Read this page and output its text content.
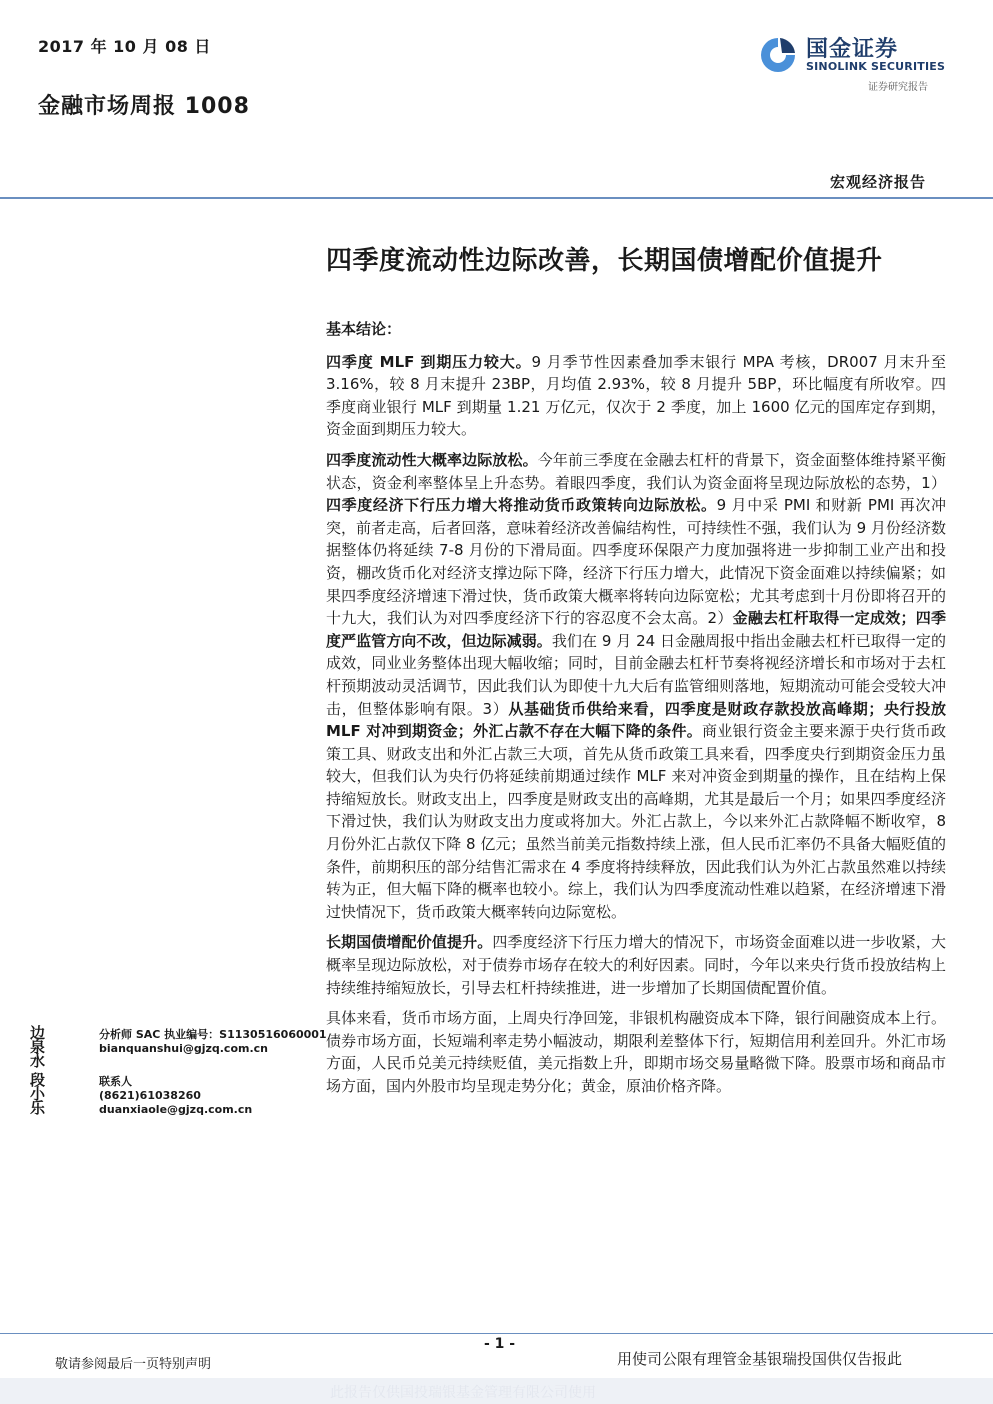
2017 年 10 月 08 日
金融市场周报 1008
国金证券
SINOLINK SECURITIES
证券研究报告
宏观经济报告
四季度流动性边际改善，长期国债增配价值提升
基本结论：

四季度 MLF 到期压力较大。9 月季节性因素叠加季末银行 MPA 考核，DR007 月末升至 3.16%，较 8 月末提升 23BP，月均值 2.93%，较 8 月提升 5BP，环比幅度有所收窄。四季度商业银行 MLF 到期量 1.21 万亿元，仅次于 2 季度，加上 1600 亿元的国库定存到期，资金面到期压力较大。

四季度流动性大概率边际放松。今年前三季度在金融去杠杆的背景下，资金面整体维持紧平衡状态，资金利率整体呈上升态势。着眼四季度，我们认为资金面将呈现边际放松的态势，1）四季度经济下行压力增大将推动货币政策转向边际放松。9 月中采 PMI 和财新 PMI 再次冲突，前者走高，后者回落，意味着经济改善偏结构性，可持续性不强，我们认为 9 月份经济数据整体仍将延续 7-8 月份的下滑局面。四季度环保限产力度加强将进一步抑制工业产出和投资，棚改货币化对经济支撑边际下降，经济下行压力增大，此情况下资金面难以持续偏紧；如果四季度经济增速下滑过快，货币政策大概率将转向边际宽松；尤其考虑到十月份即将召开的十九大，我们认为对四季度经济下行的容忍度不会太高。2）金融去杠杆取得一定成效；四季度严监管方向不改，但边际减弱。我们在 9 月 24 日金融周报中指出金融去杠杆已取得一定的成效，同业业务整体出现大幅收缩；同时，目前金融去杠杆节奏将视经济增长和市场对于去杠杆预期波动灵活调节，因此我们认为即使十九大后有监管细则落地，短期流动可能会受较大冲击，但整体影响有限。3）从基础货币供给来看，四季度是财政存款投放高峰期；央行投放 MLF 对冲到期资金；外汇占款不存在大幅下降的条件。商业银行资金主要来源于央行货币政策工具、财政支出和外汇占款三大项，首先从货币政策工具来看，四季度央行到期资金压力虽较大，但我们认为央行仍将延续前期通过续作 MLF 来对冲资金到期量的操作，且在结构上保持缩短放长。财政支出上，四季度是财政支出的高峰期，尤其是最后一个月；如果四季度经济下滑过快，我们认为财政支出力度或将加大。外汇占款上，今以来外汇占款降幅不断收窄，8 月份外汇占款仅下降 8 亿元；虽然当前美元指数持续上涨，但人民币汇率仍不具备大幅贬值的条件，前期积压的部分结售汇需求在 4 季度将持续释放，因此我们认为外汇占款虽然难以持续转为正，但大幅下降的概率也较小。综上，我们认为四季度流动性难以趋紧，在经济增速下滑过快情况下，货币政策大概率转向边际宽松。

长期国债增配价值提升。四季度经济下行压力增大的情况下，市场资金面难以进一步收紧，大概率呈现边际放松，对于债券市场存在较大的利好因素。同时，今年以来央行货币投放结构上持续维持缩短放长，引导去杠杆持续推进，进一步增加了长期国债配置价值。

具体来看，货币市场方面，上周央行净回笼，非银机构融资成本下降，银行间融资成本上行。债券市场方面，长短端利率走势小幅波动，期限利差整体下行，短期信用利差回升。外汇市场方面，人民币兑美元持续贬值，美元指数上升，即期市场交易量略微下降。股票市场和商品市场方面，国内外股市均呈现走势分化；黄金，原油价格齐降。

边泉水
分析师 SAC 执业编号：S1130516060001
bianquanshui@gjzq.com.cn
段小乐
联系人
(8621)61038260
duanxiaole@gjzq.com.cn
- 1 -
敬请参阅最后一页特别声明	用使司公限有理管金基银瑞投国供仅告报此
此报告仅供国投瑞银基金管理有限公司使用
